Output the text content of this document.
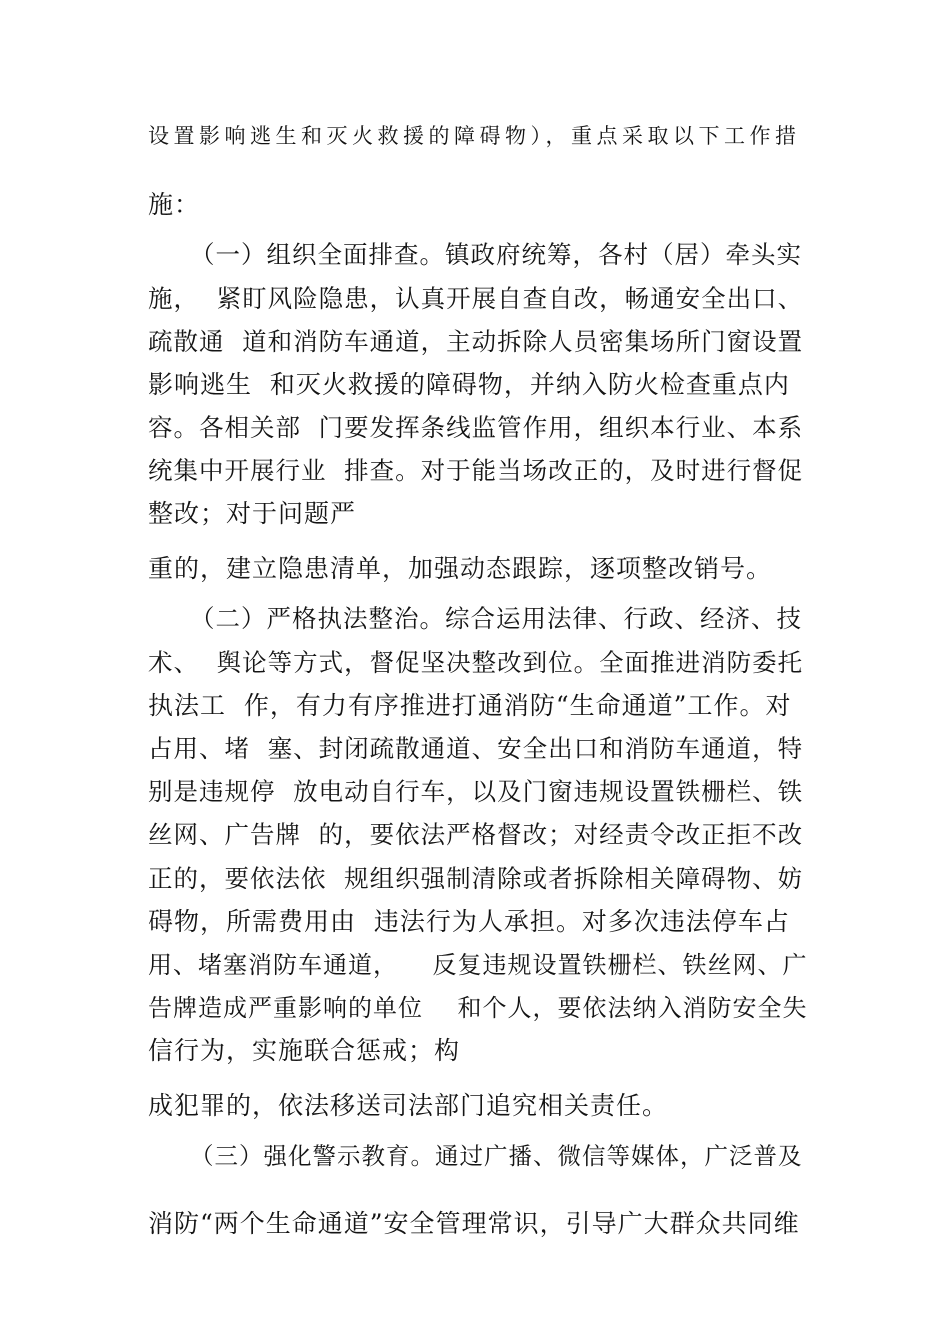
设置影响逃生和灭火救援的障碍物），重点采取以下工作措
施：
（一）组织全面排查。镇政府统筹，各村（居）牵头实
施，  紧盯风险隐患，认真开展自查自改，畅通安全出口、
疏散通  道和消防车通道，主动拆除人员密集场所门窗设置
影响逃生  和灭火救援的障碍物，并纳入防火检查重点内
容。各相关部  门要发挥条线监管作用，组织本行业、本系
统集中开展行业  排查。对于能当场改正的，及时进行督促
整改；对于问题严
重的，建立隐患清单，加强动态跟踪，逐项整改销号。
（二）严格执法整治。综合运用法律、行政、经济、技
术、  舆论等方式，督促坚决整改到位。全面推进消防委托
执法工  作，有力有序推进打通消防“生命通道”工作。对
占用、堵  塞、封闭疏散通道、安全出口和消防车通道，特
别是违规停  放电动自行车，以及门窗违规设置铁栅栏、铁
丝网、广告牌  的，要依法严格督改；对经责令改正拒不改
正的，要依法依  规组织强制清除或者拆除相关障碍物、妨
碍物，所需费用由  违法行为人承担。对多次违法停车占
用、堵塞消防车通道，    反复违规设置铁栅栏、铁丝网、广
告牌造成严重影响的单位    和个人，要依法纳入消防安全失
信行为，实施联合惩戒；构
成犯罪的，依法移送司法部门追究相关责任。
（三）强化警示教育。通过广播、微信等媒体，广泛普及
消防“两个生命通道”安全管理常识，引导广大群众共同维
